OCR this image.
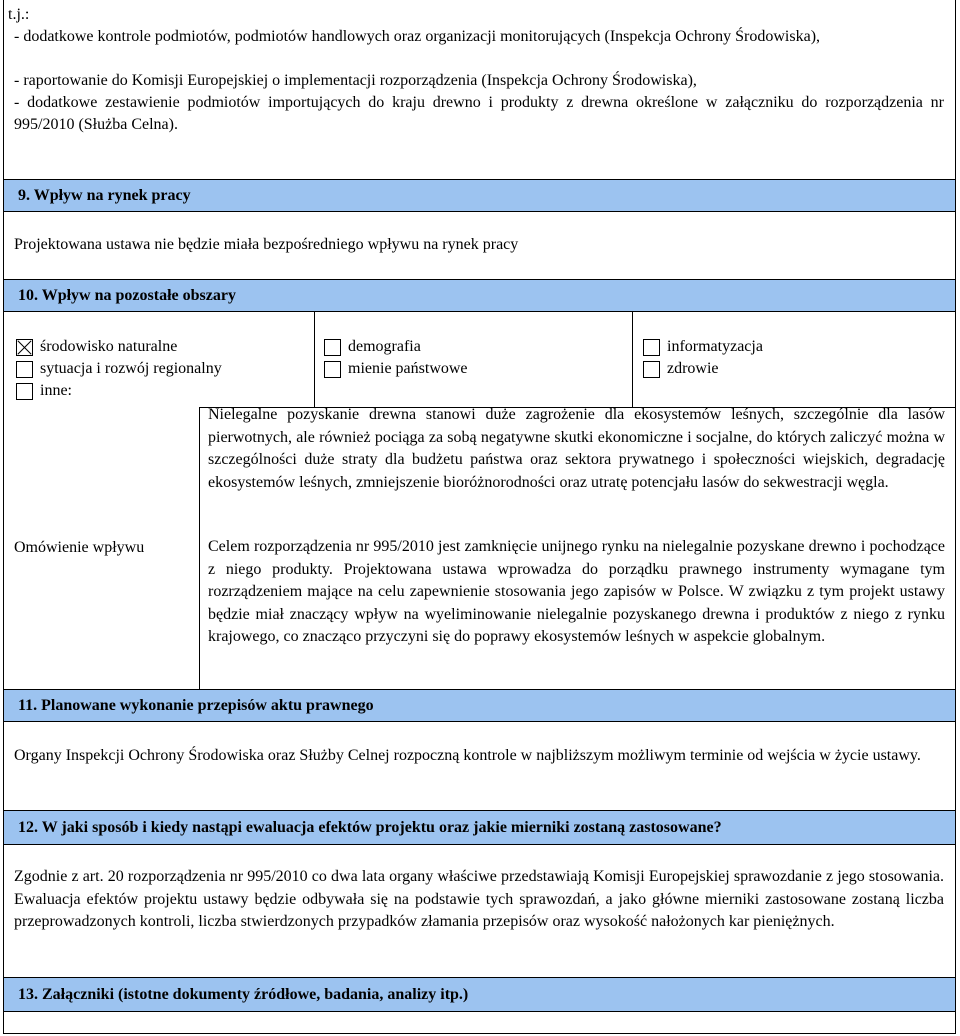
t.j.:
- dodatkowe kontrole podmiotów, podmiotów handlowych oraz organizacji monitorujących (Inspekcja Ochrony Środowiska),
- raportowanie do Komisji Europejskiej o implementacji rozporządzenia (Inspekcja Ochrony Środowiska),
- dodatkowe zestawienie podmiotów importujących do kraju drewno i produkty z drewna określone w załączniku do rozporządzenia nr 995/2010 (Służba Celna).
9. Wpływ na rynek pracy
Projektowana ustawa nie będzie miała bezpośredniego wpływu na rynek pracy
10. Wpływ na pozostałe obszary
środowisko naturalne
sytuacja i rozwój regionalny
inne:
demografia
mienie państwowe
informatyzacja
zdrowie
Omówienie wpływu
Nielegalne pozyskanie drewna stanowi duże zagrożenie dla ekosystemów leśnych, szczególnie dla lasów pierwotnych, ale również pociąga za sobą negatywne skutki ekonomiczne i socjalne, do których zaliczyć można w szczególności duże straty dla budżetu państwa oraz sektora prywatnego i społeczności wiejskich, degradację ekosystemów leśnych, zmniejszenie bioróżnorodności oraz utratę potencjału lasów do sekwestracji węgla.
Celem rozporządzenia nr 995/2010 jest zamknięcie unijnego rynku na nielegalnie pozyskane drewno i pochodzące z niego produkty. Projektowana ustawa wprowadza do porządku prawnego instrumenty wymagane tym rozrządzeniem mające na celu zapewnienie stosowania jego zapisów w Polsce. W związku z tym projekt ustawy będzie miał znaczący wpływ na wyeliminowanie nielegalnie pozyskanego drewna i produktów z niego z rynku krajowego, co znacząco przyczyni się do poprawy ekosystemów leśnych w aspekcie globalnym.
11. Planowane wykonanie przepisów aktu prawnego
Organy Inspekcji Ochrony Środowiska oraz Służby Celnej rozpoczną kontrole w najbliższym możliwym terminie od wejścia w życie ustawy.
12. W jaki sposób i kiedy nastąpi ewaluacja efektów projektu oraz jakie mierniki zostaną zastosowane?
Zgodnie z art. 20 rozporządzenia nr 995/2010 co dwa lata organy właściwe przedstawiają Komisji Europejskiej sprawozdanie z jego stosowania. Ewaluacja efektów projektu ustawy będzie odbywała się na podstawie tych sprawozdań, a jako główne mierniki zastosowane zostaną liczba przeprowadzonych kontroli, liczba stwierdzonych przypadków złamania przepisów oraz wysokość nałożonych kar pieniężnych.
13. Załączniki (istotne dokumenty źródłowe, badania, analizy itp.)
